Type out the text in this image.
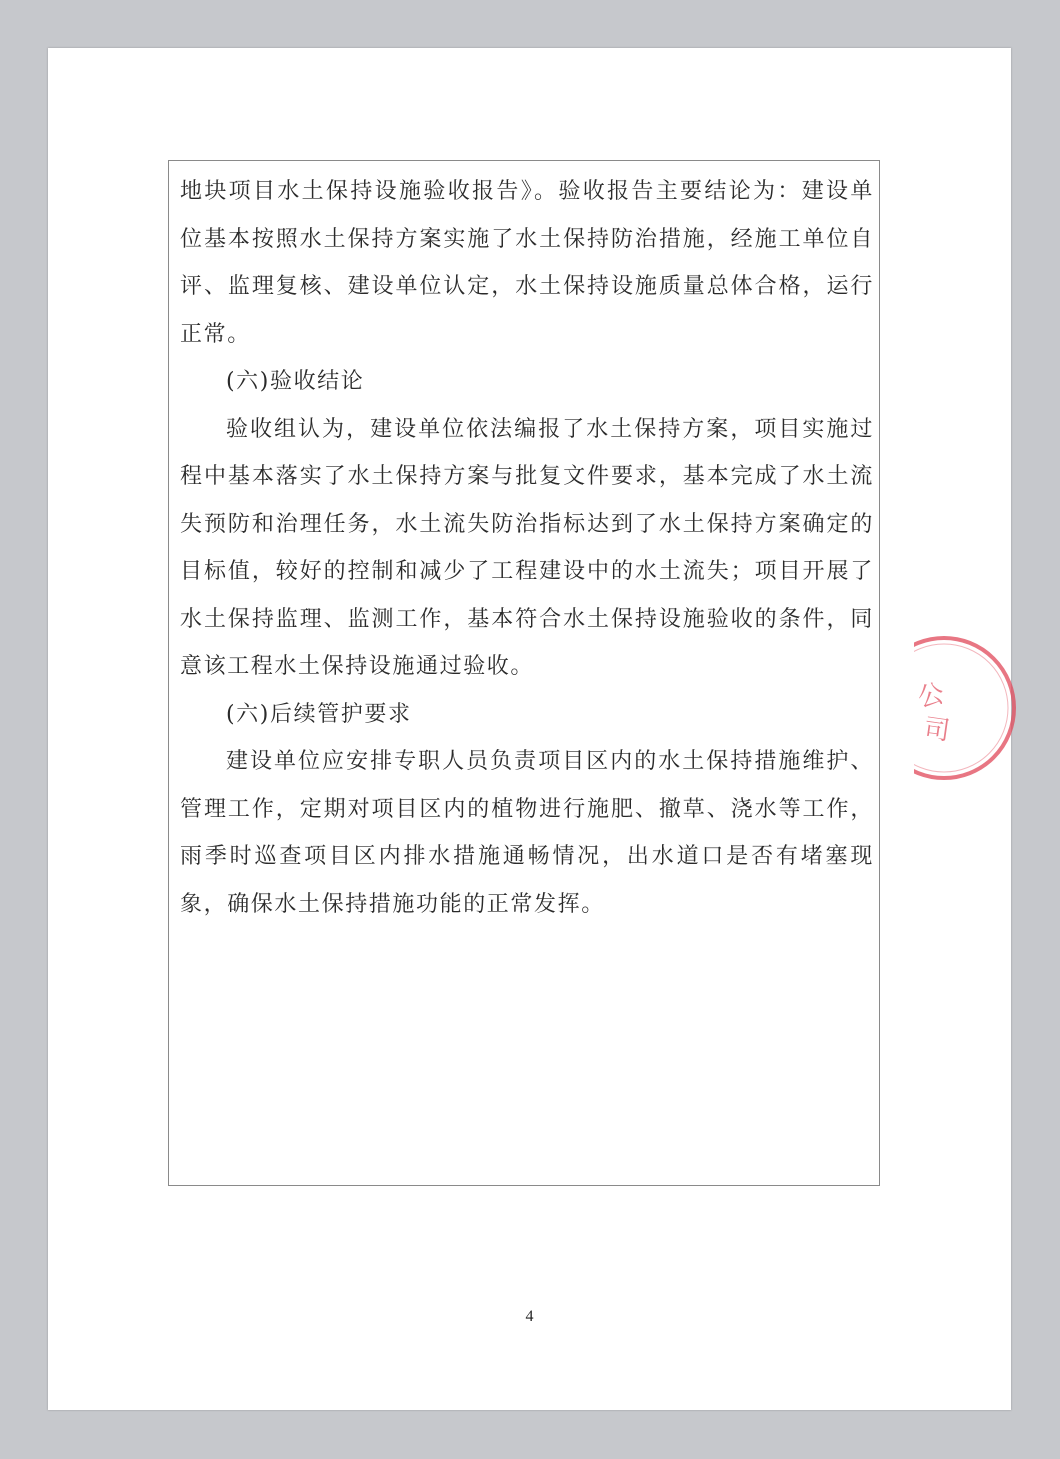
地块项目水土保持设施验收报告》。验收报告主要结论为：建设单位基本按照水土保持方案实施了水土保持防治措施，经施工单位自评、监理复核、建设单位认定，水土保持设施质量总体合格，运行正常。

(六)验收结论

验收组认为，建设单位依法编报了水土保持方案，项目实施过程中基本落实了水土保持方案与批复文件要求，基本完成了水土流失预防和治理任务，水土流失防治指标达到了水土保持方案确定的目标值，较好的控制和减少了工程建设中的水土流失；项目开展了水土保持监理、监测工作，基本符合水土保持设施验收的条件，同意该工程水土保持设施通过验收。

(六)后续管护要求

建设单位应安排专职人员负责项目区内的水土保持措施维护、管理工作，定期对项目区内的植物进行施肥、撤草、浇水等工作，雨季时巡查项目区内排水措施通畅情况，出水道口是否有堵塞现象，确保水土保持措施功能的正常发挥。

4
公
司
